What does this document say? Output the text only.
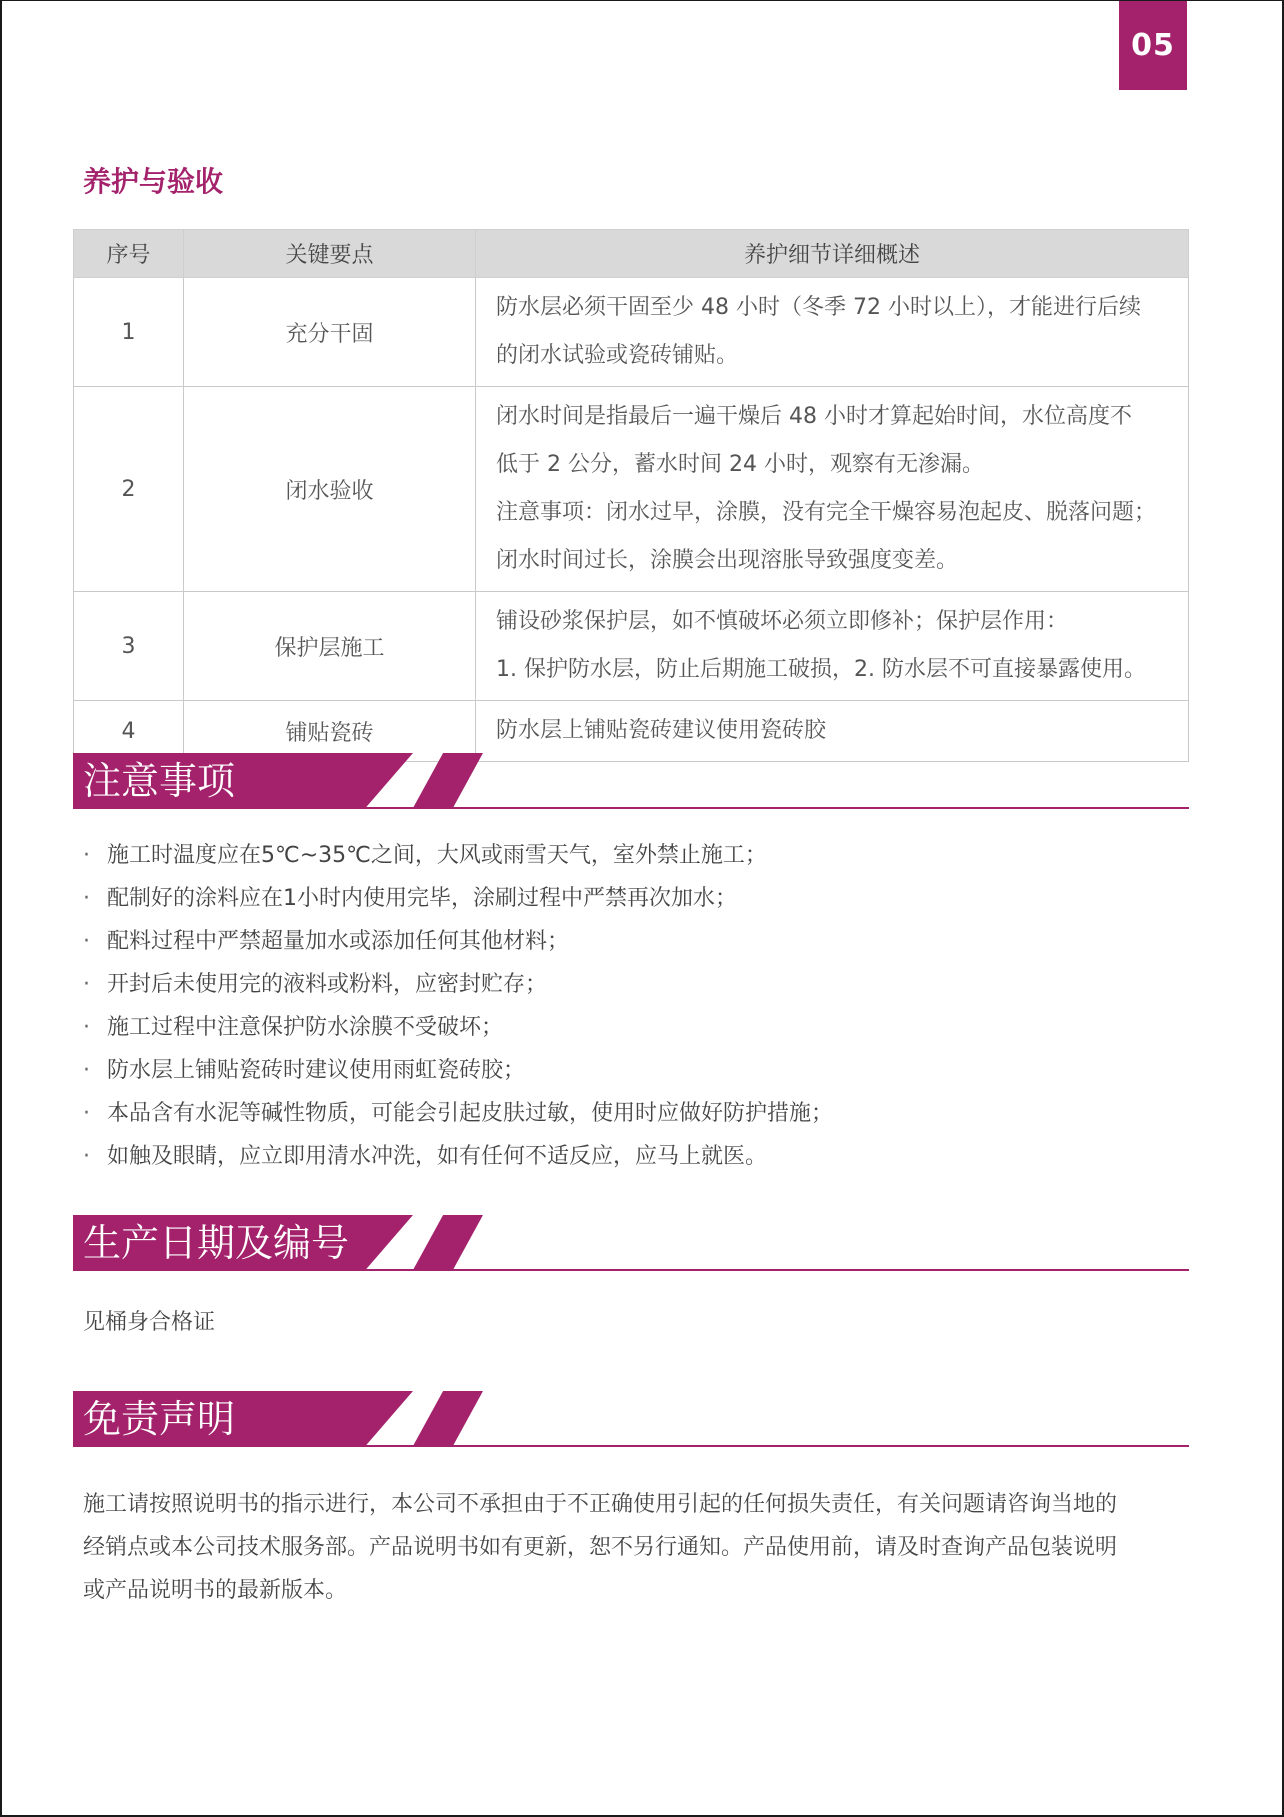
05
养护与验收
序号	关键要点	养护细节详细概述
1	充分干固	防水层必须干固至少 48 小时（冬季 72 小时以上），才能进行后续

的闭水试验或瓷砖铺贴。

2	闭水验收	闭水时间是指最后一遍干燥后 48 小时才算起始时间，水位高度不

低于 2 公分，蓄水时间 24 小时，观察有无渗漏。

注意事项：闭水过早，涂膜，没有完全干燥容易泡起皮、脱落问题；

闭水时间过长，涂膜会出现溶胀导致强度变差。

3	保护层施工	铺设砂浆保护层，如不慎破坏必须立即修补；保护层作用：

1. 保护防水层，防止后期施工破损，2. 防水层不可直接暴露使用。

4	铺贴瓷砖	防水层上铺贴瓷砖建议使用瓷砖胶

注意事项
· 施工时温度应在5℃~35℃之间，大风或雨雪天气，室外禁止施工；
· 配制好的涂料应在1小时内使用完毕，涂刷过程中严禁再次加水；
· 配料过程中严禁超量加水或添加任何其他材料；
· 开封后未使用完的液料或粉料，应密封贮存；
· 施工过程中注意保护防水涂膜不受破坏；
· 防水层上铺贴瓷砖时建议使用雨虹瓷砖胶；
· 本品含有水泥等碱性物质，可能会引起皮肤过敏，使用时应做好防护措施；
· 如触及眼睛，应立即用清水冲洗，如有任何不适反应，应马上就医。
生产日期及编号

见桶身合格证

免责声明
施工请按照说明书的指示进行，本公司不承担由于不正确使用引起的任何损失责任，有关问题请咨询当地的
经销点或本公司技术服务部。产品说明书如有更新，恕不另行通知。产品使用前，请及时查询产品包装说明
或产品说明书的最新版本。
